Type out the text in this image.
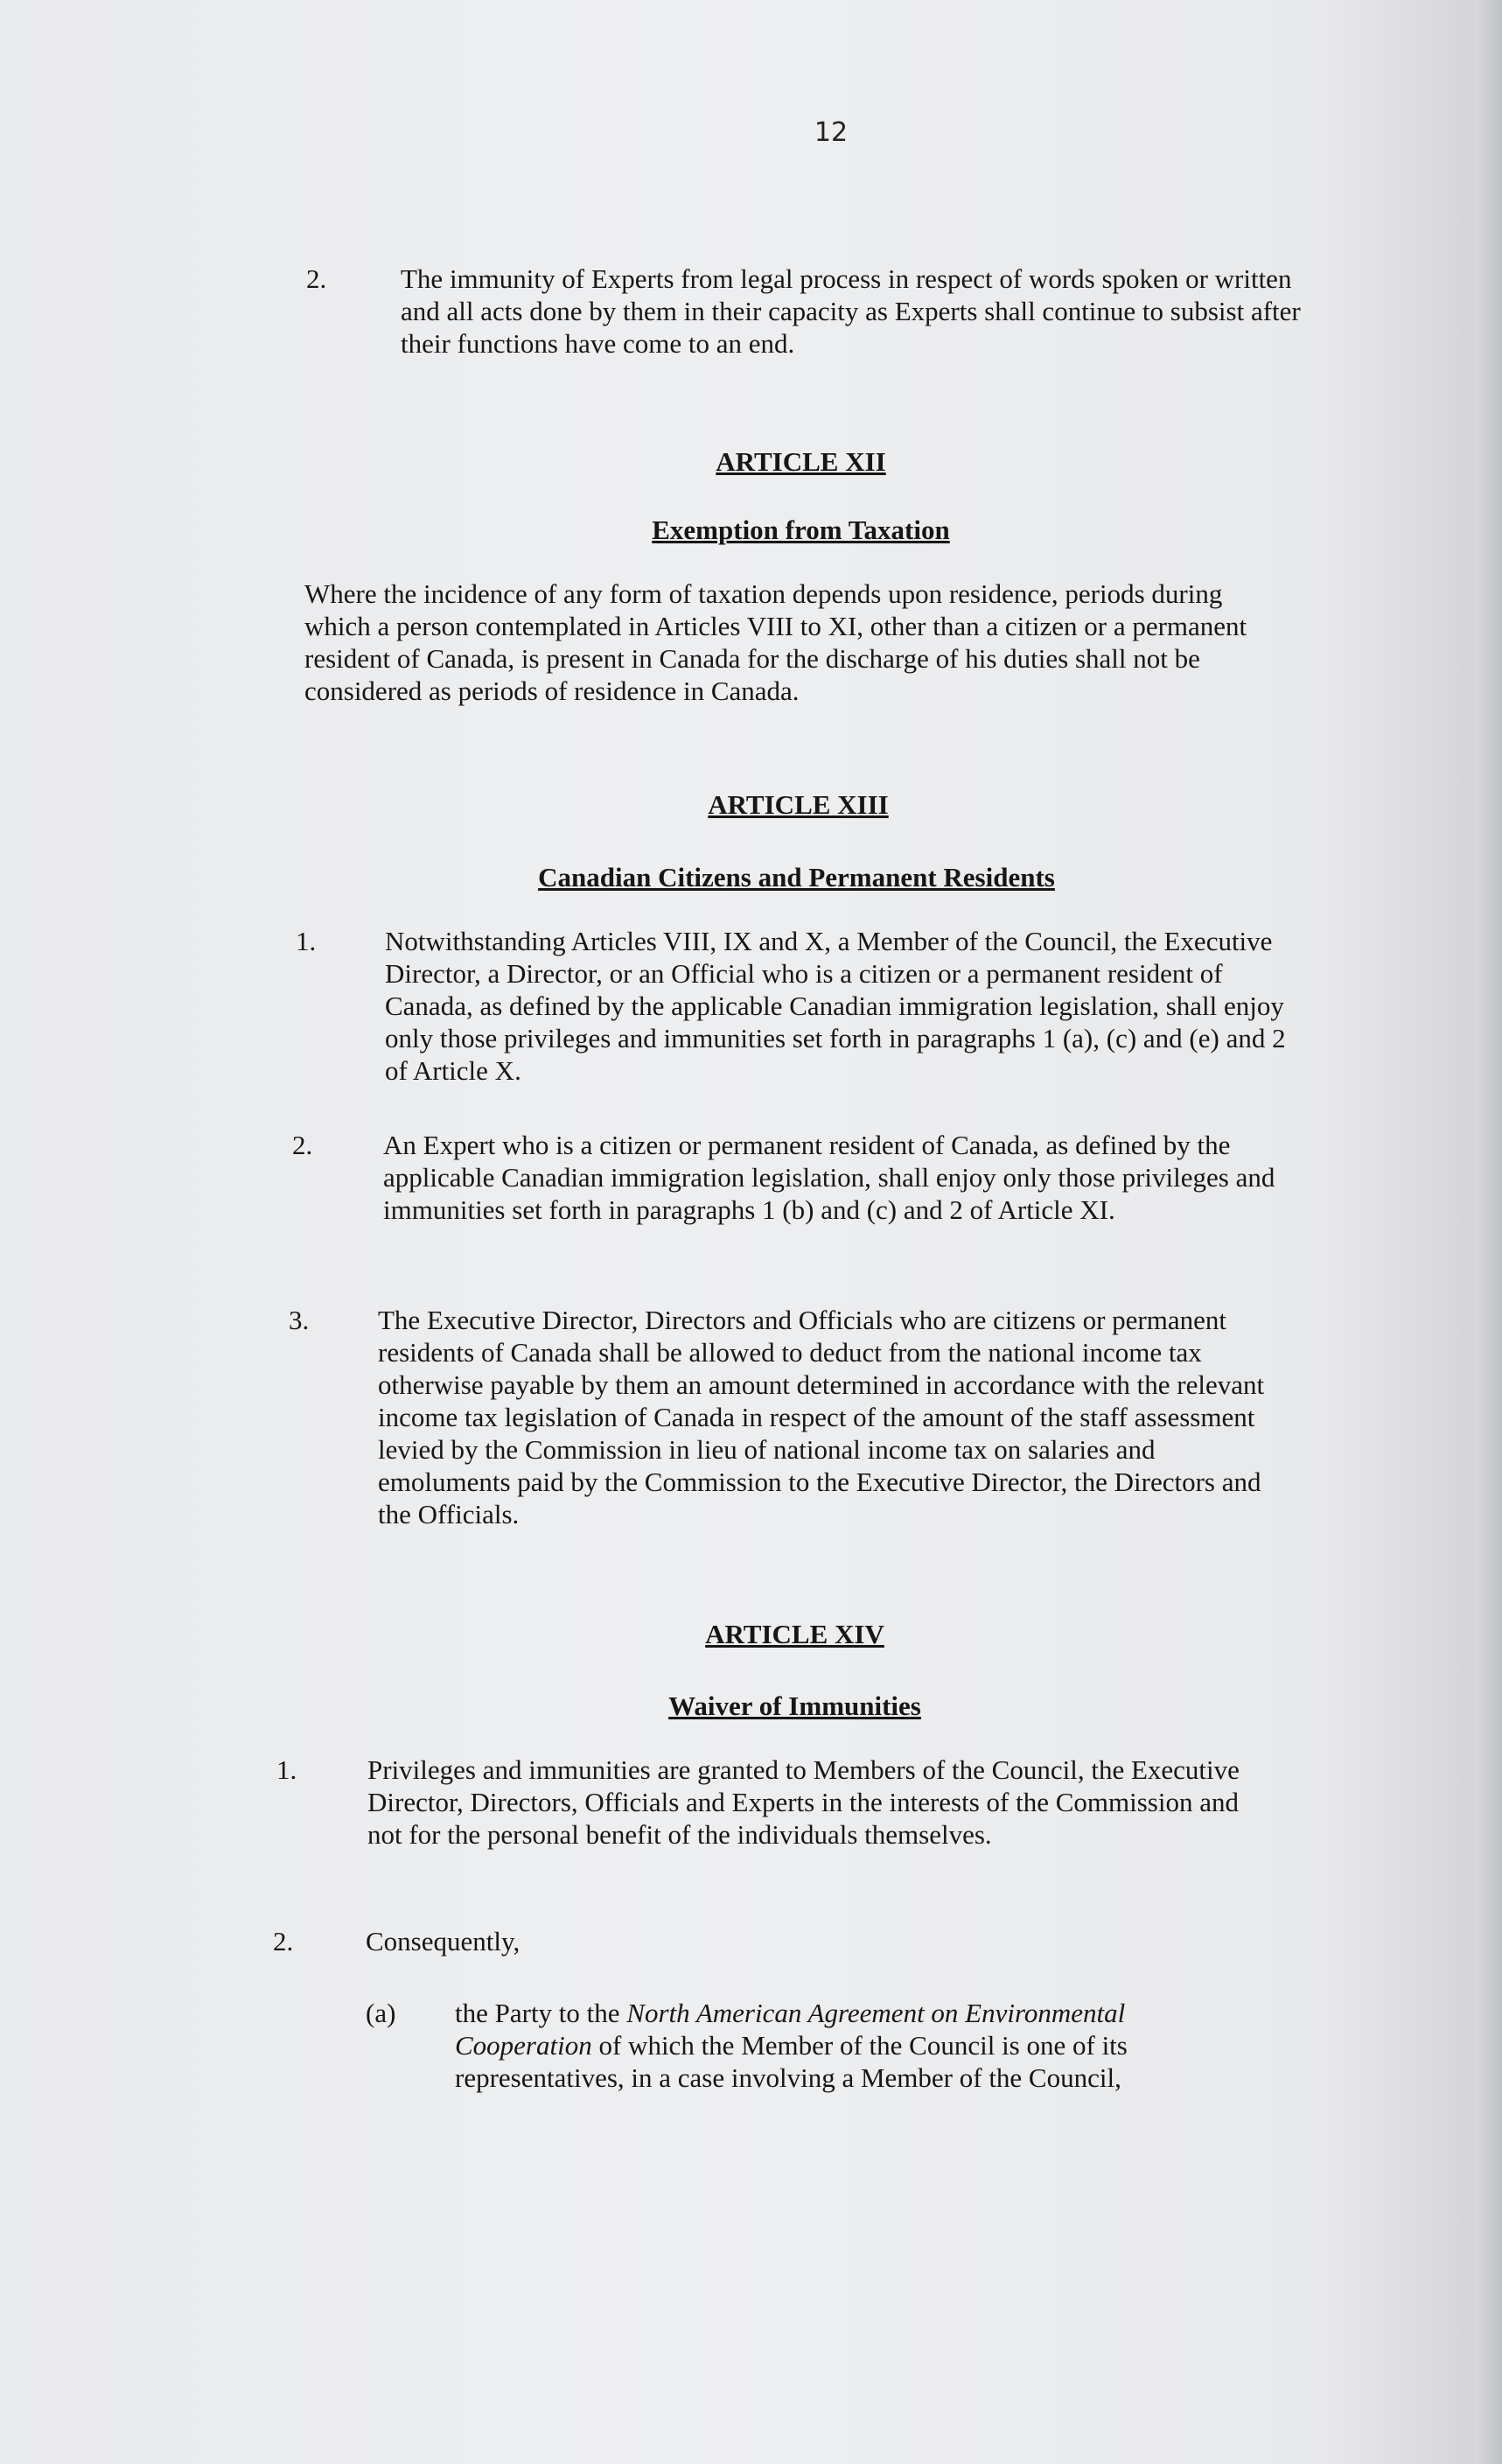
12
2.	The immunity of Experts from legal process in respect of words spoken or written and all acts done by them in their capacity as Experts shall continue to subsist after their functions have come to an end.
ARTICLE XII
Exemption from Taxation
Where the incidence of any form of taxation depends upon residence, periods during which a person contemplated in Articles VIII to XI, other than a citizen or a permanent resident of Canada, is present in Canada for the discharge of his duties shall not be considered as periods of residence in Canada.
ARTICLE XIII
Canadian Citizens and Permanent Residents
1.	Notwithstanding Articles VIII, IX and X, a Member of the Council, the Executive Director, a Director, or an Official who is a citizen or a permanent resident of Canada, as defined by the applicable Canadian immigration legislation, shall enjoy only those privileges and immunities set forth in paragraphs 1 (a), (c) and (e) and 2 of Article X.
2.	An Expert who is a citizen or permanent resident of Canada, as defined by the applicable Canadian immigration legislation, shall enjoy only those privileges and immunities set forth in paragraphs 1 (b) and (c) and 2 of Article XI.
3.	The Executive Director, Directors and Officials who are citizens or permanent residents of Canada shall be allowed to deduct from the national income tax otherwise payable by them an amount determined in accordance with the relevant income tax legislation of Canada in respect of the amount of the staff assessment levied by the Commission in lieu of national income tax on salaries and emoluments paid by the Commission to the Executive Director, the Directors and the Officials.
ARTICLE XIV
Waiver of Immunities
1.	Privileges and immunities are granted to Members of the Council, the Executive Director, Directors, Officials and Experts in the interests of the Commission and not for the personal benefit of the individuals themselves.
2.	Consequently,
(a) the Party to the North American Agreement on Environmental Cooperation of which the Member of the Council is one of its representatives, in a case involving a Member of the Council,
